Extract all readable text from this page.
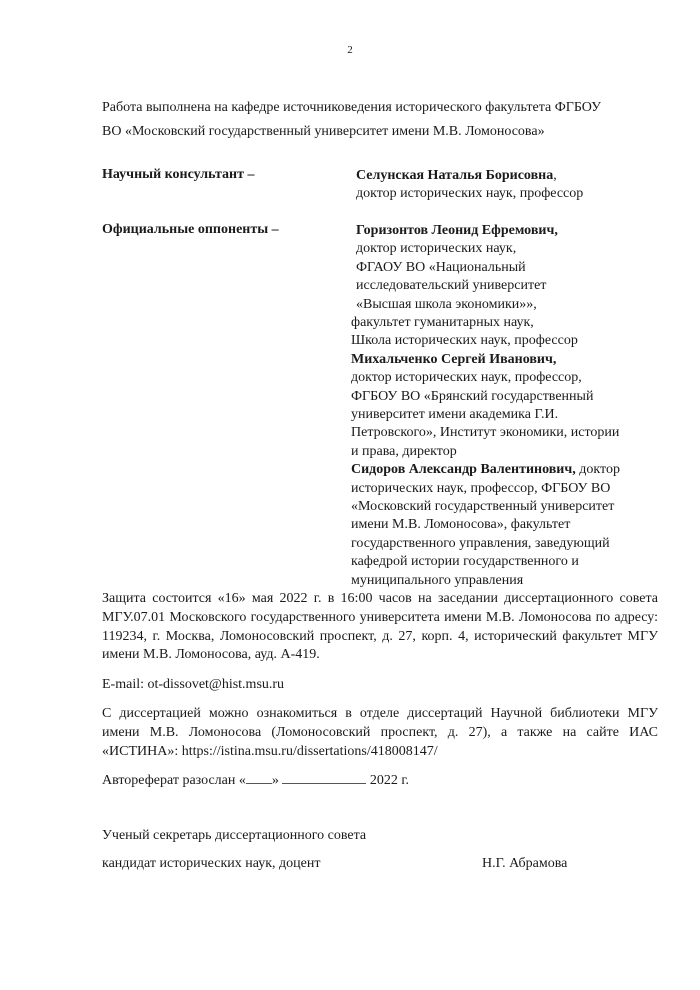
2
Работа выполнена на кафедре источниковедения исторического факультета ФГБОУ
ВО «Московский государственный университет имени М.В. Ломоносова»
Научный консультант –	Селунская Наталья Борисовна,
доктор исторических наук, профессор
Официальные оппоненты –	Горизонтов Леонид Ефремович,
доктор исторических наук,
ФГАОУ ВО «Национальный
исследовательский университет
«Высшая школа экономики»»,
факультет гуманитарных наук,
Школа исторических наук, профессор
Михальченко Сергей Иванович,
доктор исторических наук, профессор,
ФГБОУ ВО «Брянский государственный
университет имени академика Г.И.
Петровского», Институт экономики, истории
и права, директор
Сидоров Александр Валентинович, доктор
исторических наук, профессор, ФГБОУ ВО
«Московский государственный университет
имени М.В. Ломоносова», факультет
государственного управления, заведующий
кафедрой истории государственного и
муниципального управления
Защита состоится «16» мая 2022 г. в 16:00 часов на заседании диссертационного совета МГУ.07.01 Московского государственного университета имени М.В. Ломоносова по адресу: 119234, г. Москва, Ломоносовский проспект, д. 27, корп. 4, исторический факультет МГУ имени М.В. Ломоносова, ауд. А-419.
E-mail: ot-dissovet@hist.msu.ru
С диссертацией можно ознакомиться в отделе диссертаций Научной библиотеки МГУ имени М.В. Ломоносова (Ломоносовский проспект, д. 27), а также на сайте ИАС «ИСТИНА»: https://istina.msu.ru/dissertations/418008147/
Автореферат разослан « »	2022 г.
Ученый секретарь диссертационного совета
кандидат исторических наук, доцент	Н.Г. Абрамова
